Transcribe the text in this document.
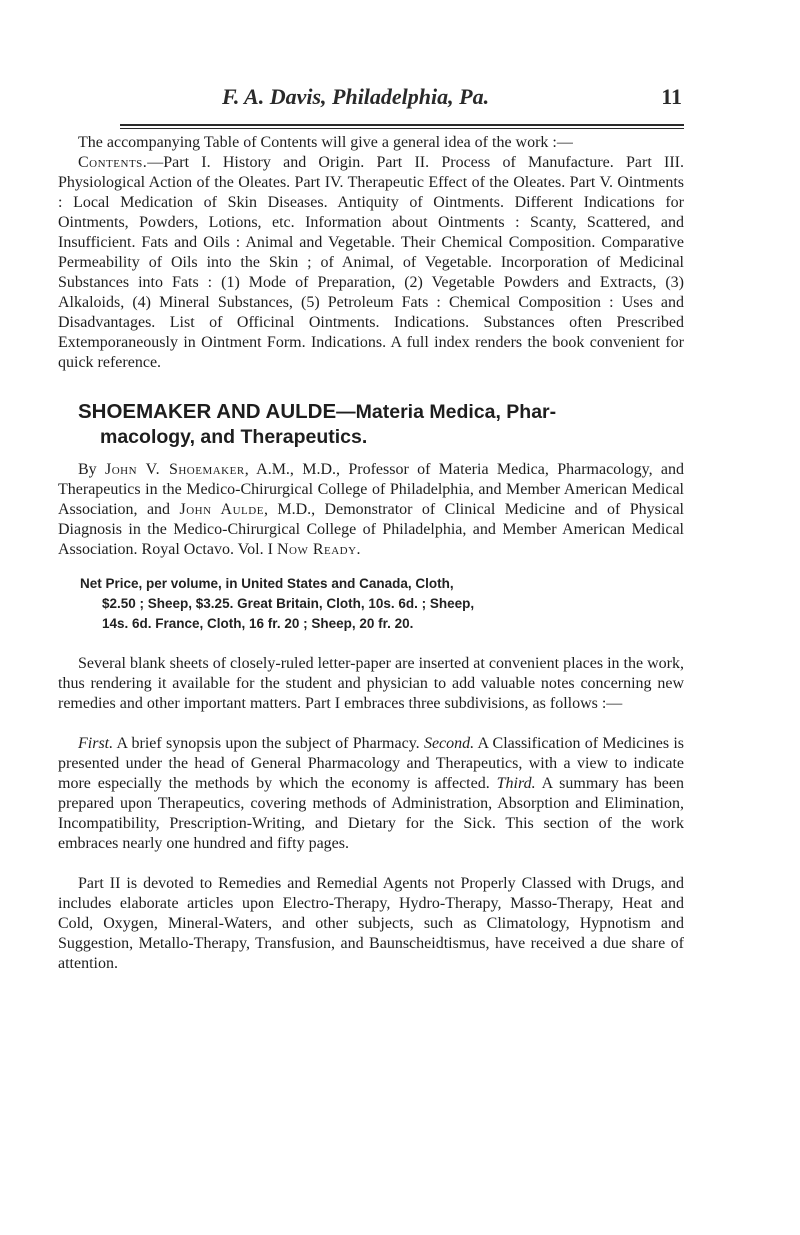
F. A. Davis, Philadelphia, Pa.	11

The accompanying Table of Contents will give a general idea of the work :—

Contents.—Part I. History and Origin. Part II. Process of Manufacture. Part III. Physiological Action of the Oleates. Part IV. Therapeutic Effect of the Oleates. Part V. Ointments : Local Medication of Skin Diseases. Antiquity of Ointments. Different Indications for Ointments, Powders, Lotions, etc. Information about Ointments : Scanty, Scattered, and Insufficient. Fats and Oils : Animal and Vegetable. Their Chemical Composition. Comparative Permeability of Oils into the Skin ; of Animal, of Vegetable. Incorporation of Medicinal Substances into Fats : (1) Mode of Preparation, (2) Vegetable Powders and Extracts, (3) Alkaloids, (4) Mineral Substances, (5) Petroleum Fats : Chemical Composition : Uses and Disadvantages. List of Officinal Ointments. Indications. Substances often Prescribed Extemporaneously in Ointment Form. Indications. A full index renders the book convenient for quick reference.

SHOEMAKER AND AULDE—Materia Medica, Phar-
macology, and Therapeutics.

By John V. Shoemaker, A.M., M.D., Professor of Materia Medica, Pharmacology, and Therapeutics in the Medico-Chirurgical College of Philadelphia, and Member American Medical Association, and John Aulde, M.D., Demonstrator of Clinical Medicine and of Physical Diagnosis in the Medico-Chirurgical College of Philadelphia, and Member American Medical Association. Royal Octavo. Vol. I Now Ready.

Net Price, per volume, in United States and Canada, Cloth,
$2.50 ; Sheep, $3.25. Great Britain, Cloth, 10s. 6d. ; Sheep,
14s. 6d. France, Cloth, 16 fr. 20 ; Sheep, 20 fr. 20.

Several blank sheets of closely-ruled letter-paper are inserted at convenient places in the work, thus rendering it available for the student and physician to add valuable notes concerning new remedies and other important matters. Part I embraces three subdivisions, as follows :—

First. A brief synopsis upon the subject of Pharmacy. Second. A Classification of Medicines is presented under the head of General Pharmacology and Therapeutics, with a view to indicate more especially the methods by which the economy is affected. Third. A summary has been prepared upon Therapeutics, covering methods of Administration, Absorption and Elimination, Incompatibility, Prescription-Writing, and Dietary for the Sick. This section of the work embraces nearly one hundred and fifty pages.

Part II is devoted to Remedies and Remedial Agents not Properly Classed with Drugs, and includes elaborate articles upon Electro-Therapy, Hydro-Therapy, Masso-Therapy, Heat and Cold, Oxygen, Mineral-Waters, and other subjects, such as Climatology, Hypnotism and Suggestion, Metallo-Therapy, Transfusion, and Baunscheidtismus, have received a due share of attention.
